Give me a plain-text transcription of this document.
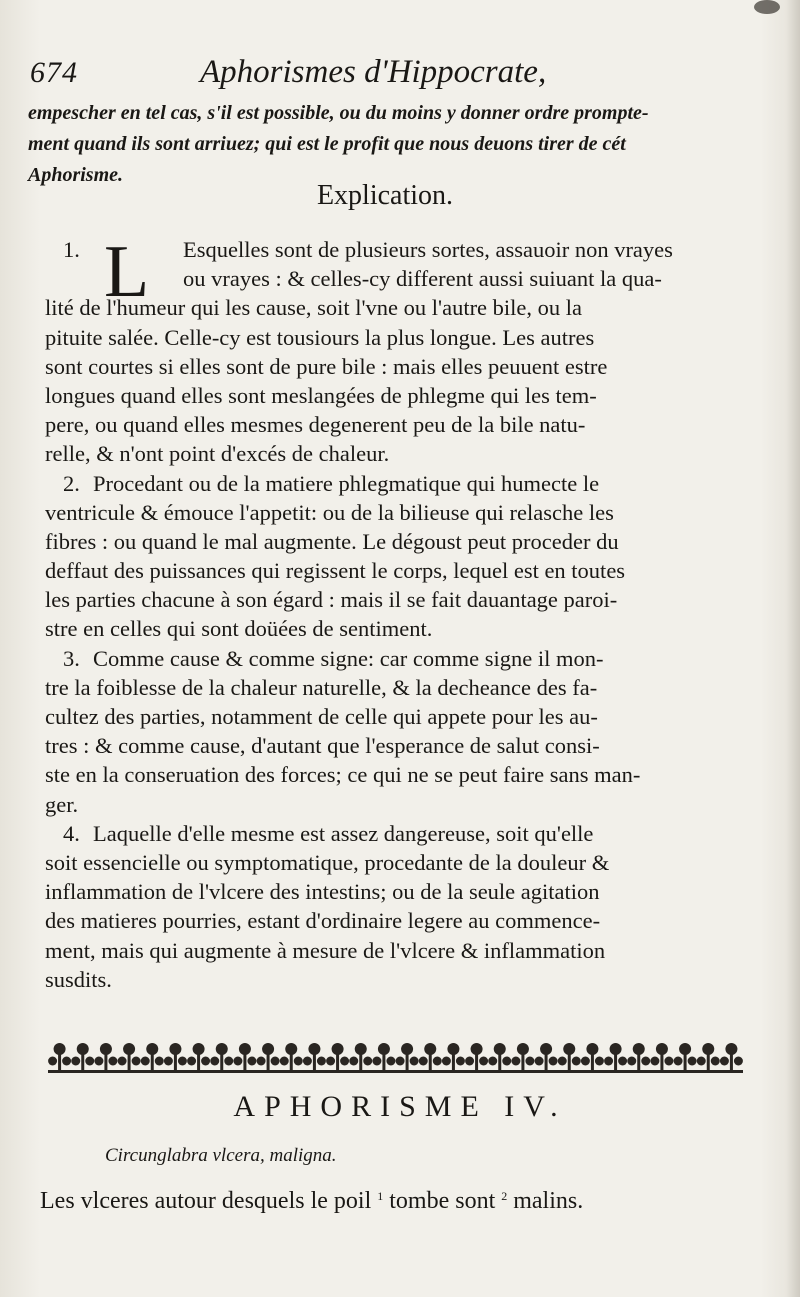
674	Aphorismes d'Hippocrate,
empescher en tel cas, s'il est possible, ou du moins y donner ordre prompte-
ment quand ils sont arriuez; qui est le profit que nous deuons tirer de cét
Aphorisme.
Explication.
L
1.	Esquelles sont de plusieurs sortes, assauoir non vrayes
ou vrayes : & celles-cy different aussi suiuant la qua-
lité de l'humeur qui les cause, soit l'vne ou l'autre bile, ou la
pituite salée. Celle-cy est tousiours la plus longue. Les autres
sont courtes si elles sont de pure bile : mais elles peuuent estre
longues quand elles sont meslangées de phlegme qui les tem-
pere, ou quand elles mesmes degenerent peu de la bile natu-
relle, & n'ont point d'excés de chaleur.
2. Procedant ou de la matiere phlegmatique qui humecte le
ventricule & émouce l'appetit: ou de la bilieuse qui relasche les
fibres : ou quand le mal augmente. Le dégoust peut proceder du
deffaut des puissances qui regissent le corps, lequel est en toutes
les parties chacune à son égard : mais il se fait dauantage paroi-
stre en celles qui sont doüées de sentiment.
3. Comme cause & comme signe: car comme signe il mon-
tre la foiblesse de la chaleur naturelle, & la decheance des fa-
cultez des parties, notamment de celle qui appete pour les au-
tres : & comme cause, d'autant que l'esperance de salut consi-
ste en la conseruation des forces; ce qui ne se peut faire sans man-
ger.
4. Laquelle d'elle mesme est assez dangereuse, soit qu'elle
soit essencielle ou symptomatique, procedante de la douleur &
inflammation de l'vlcere des intestins; ou de la seule agitation
des matieres pourries, estant d'ordinaire legere au commence-
ment, mais qui augmente à mesure de l'vlcere & inflammation
susdits.
APHORISME IV.
Circunglabra vlcera, maligna.
Les vlceres autour desquels le poil $^1$ tombe sont $^2$ malins.
